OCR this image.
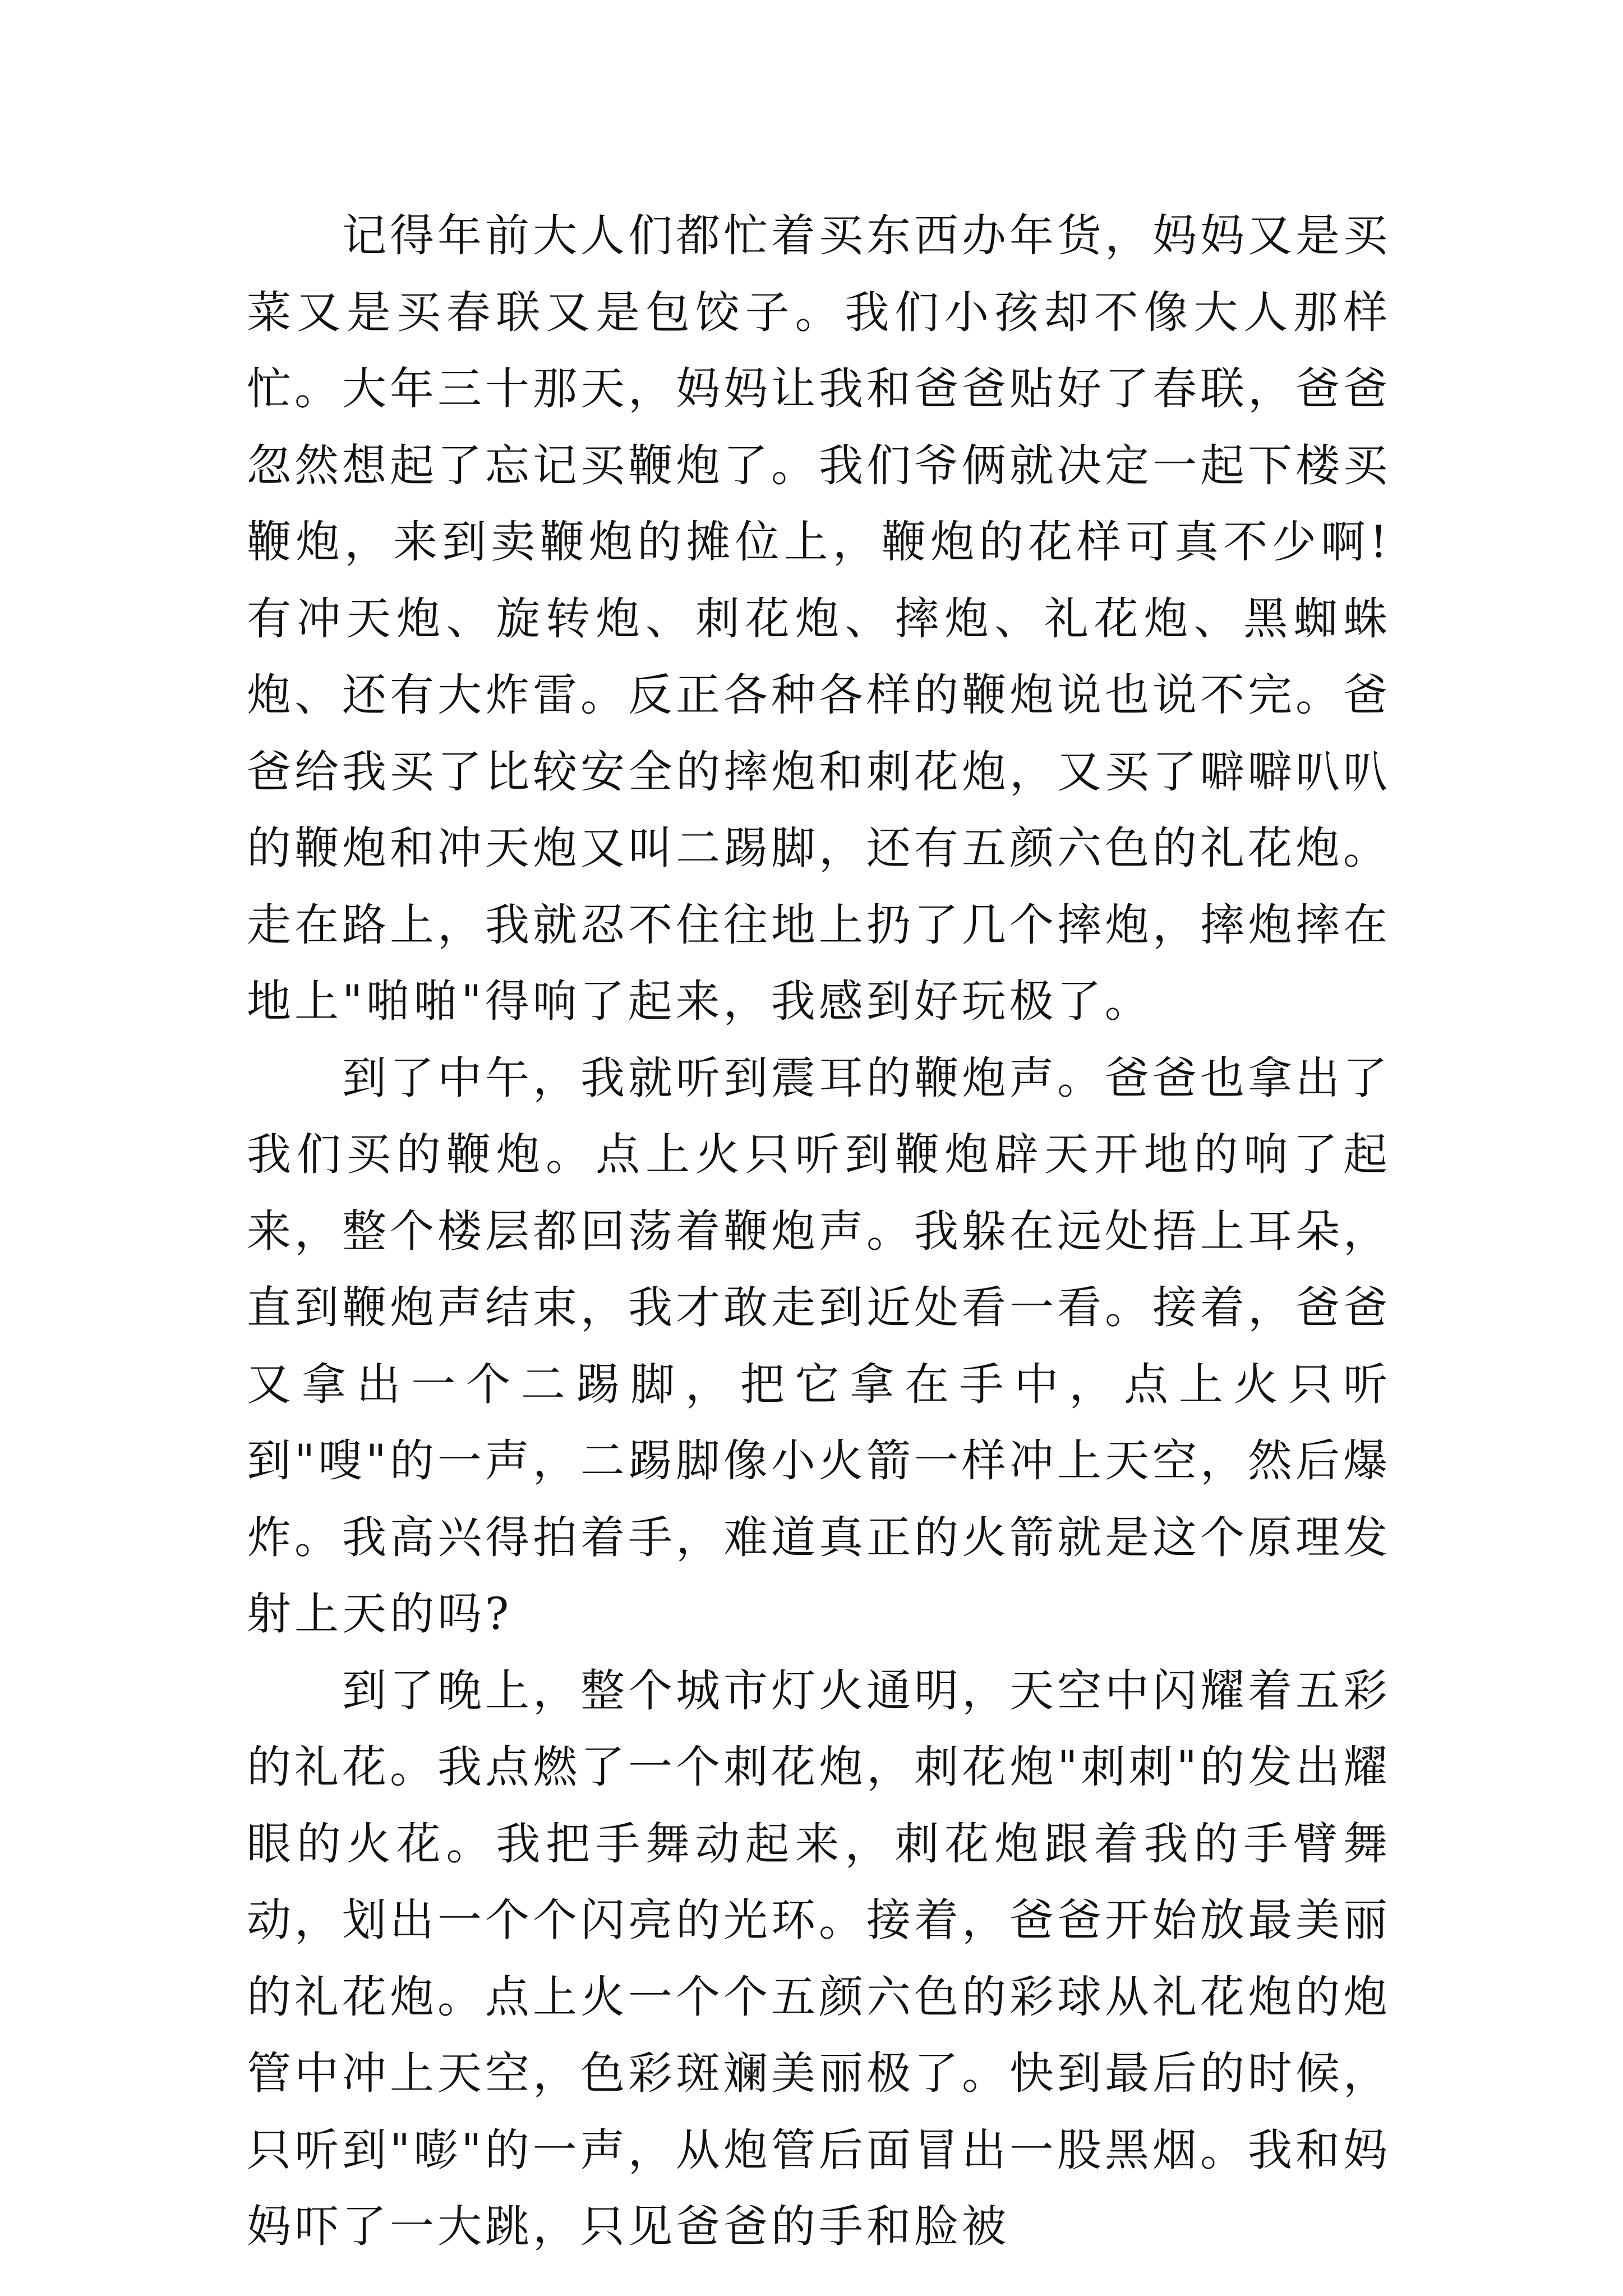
记得年前大人们都忙着买东西办年货，妈妈又是买菜又是买春联又是包饺子。我们小孩却不像大人那样忙。大年三十那天，妈妈让我和爸爸贴好了春联，爸爸忽然想起了忘记买鞭炮了。我们爷俩就决定一起下楼买鞭炮，来到卖鞭炮的摊位上，鞭炮的花样可真不少啊!有冲天炮、旋转炮、刺花炮、摔炮、礼花炮、黑蜘蛛炮、还有大炸雷。反正各种各样的鞭炮说也说不完。爸爸给我买了比较安全的摔炮和刺花炮，又买了噼噼叭叭的鞭炮和冲天炮又叫二踢脚，还有五颜六色的礼花炮。走在路上，我就忍不住往地上扔了几个摔炮，摔炮摔在地上"啪啪"得响了起来，我感到好玩极了。

到了中午，我就听到震耳的鞭炮声。爸爸也拿出了我们买的鞭炮。点上火只听到鞭炮辟天开地的响了起来，整个楼层都回荡着鞭炮声。我躲在远处捂上耳朵，直到鞭炮声结束，我才敢走到近处看一看。接着，爸爸又拿出一个二踢脚，把它拿在手中，点上火只听到"嗖"的一声，二踢脚像小火箭一样冲上天空，然后爆炸。我高兴得拍着手，难道真正的火箭就是这个原理发射上天的吗?

到了晚上，整个城市灯火通明，天空中闪耀着五彩的礼花。我点燃了一个刺花炮，刺花炮"刺刺"的发出耀眼的火花。我把手舞动起来，刺花炮跟着我的手臂舞动，划出一个个闪亮的光环。接着，爸爸开始放最美丽的礼花炮。点上火一个个五颜六色的彩球从礼花炮的炮管中冲上天空，色彩斑斓美丽极了。快到最后的时候，只听到"嘭"的一声，从炮管后面冒出一股黑烟。我和妈妈吓了一大跳，只见爸爸的手和脸被
